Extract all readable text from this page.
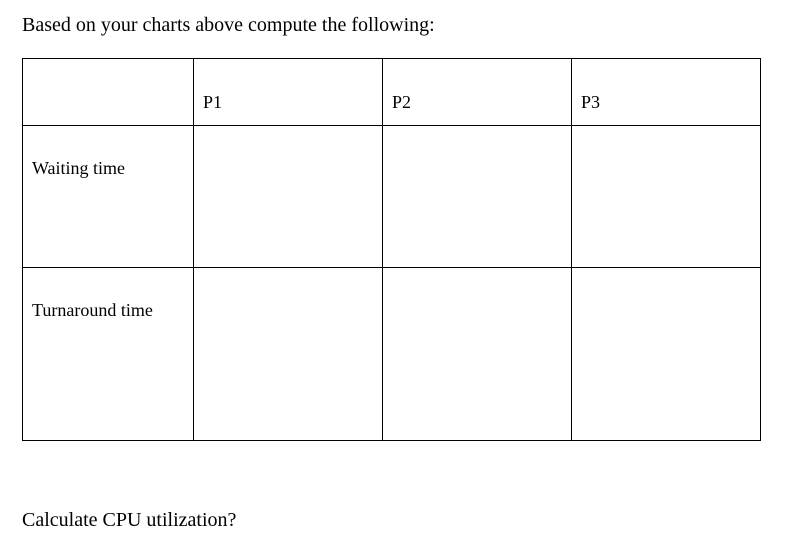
Based on your charts above compute the following:
	P1	P2	P3
Waiting time			
Turnaround time			
Calculate CPU utilization?
